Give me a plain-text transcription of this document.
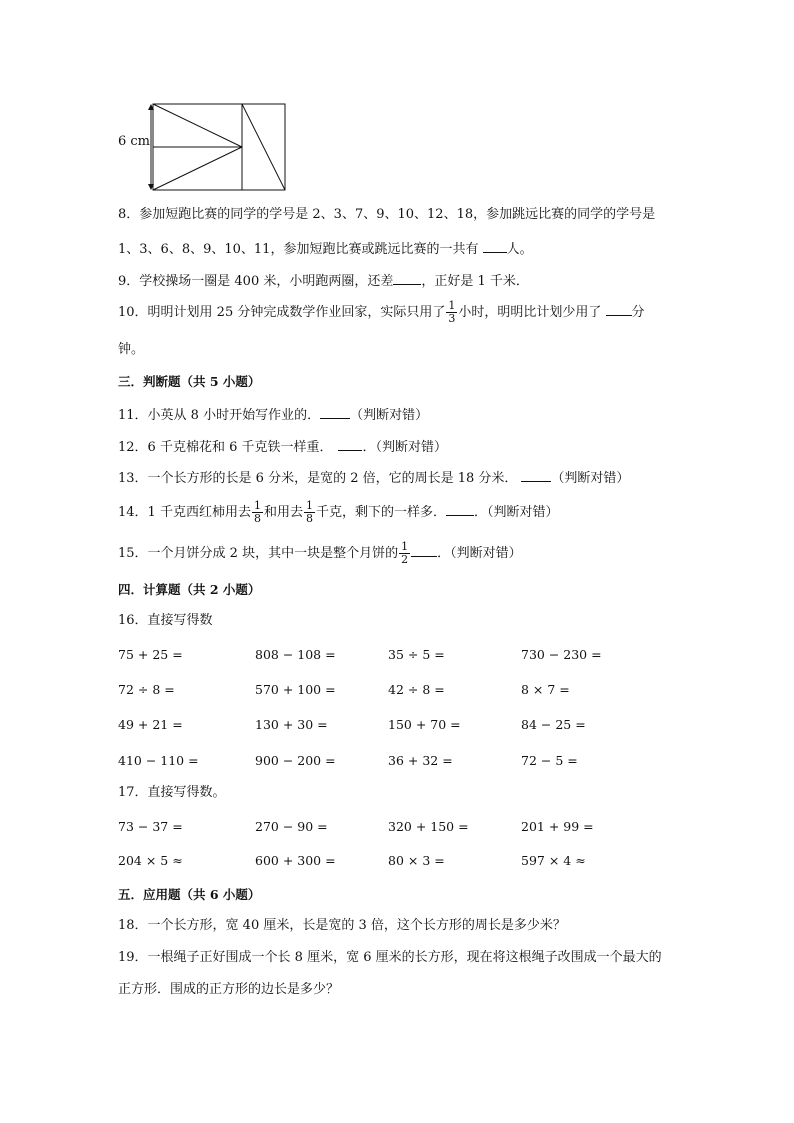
6 cm
8．参加短跑比赛的同学的学号是 2、3、7、9、10、12、18，参加跳远比赛的同学的学号是
1、3、6、8、9、10、11，参加短跑比赛或跳远比赛的一共有 人。
9．学校操场一圈是 400 米，小明跑两圈，还差 ，正好是 1 千米．
10．明明计划用 25 分钟完成数学作业回家，实际只用了 $\frac{1}{3}$ 小时，明明比计划少用了 分
钟。
三．判断题（共 5 小题）
11．小英从 8 小时开始写作业的． （判断对错）
12．6 千克棉花和 6 千克铁一样重． ．（判断对错）
13．一个长方形的长是 6 分米，是宽的 2 倍，它的周长是 18 分米．	（判断对错）
14．1 千克西红柿用去 $\frac{1}{8}$ 和用去 $\frac{1}{8}$ 千克，剩下的一样多． ．（判断对错）
15．一个月饼分成 2 块，其中一块是整个月饼的 $\frac{1}{2}$ ．（判断对错）
四．计算题（共 2 小题）
16．直接写得数
75 + 25 =	808 − 108 =	35 ÷ 5 =	730 − 230 =
72 ÷ 8 =	570 + 100 =	42 ÷ 8 =	8 × 7 =
49 + 21 =	130 + 30 =	150 + 70 =	84 − 25 =
410 − 110 =	900 − 200 =	36 + 32 =	72 − 5 =
17．直接写得数。
73 − 37 =	270 − 90 =	320 + 150 =	201 + 99 =
204 × 5 ≈	600 + 300 =	80 × 3 =	597 × 4 ≈
五．应用题（共 6 小题）
18．一个长方形，宽 40 厘米，长是宽的 3 倍，这个长方形的周长是多少米？
19．一根绳子正好围成一个长 8 厘米，宽 6 厘米的长方形，现在将这根绳子改围成一个最大的
正方形．围成的正方形的边长是多少？
